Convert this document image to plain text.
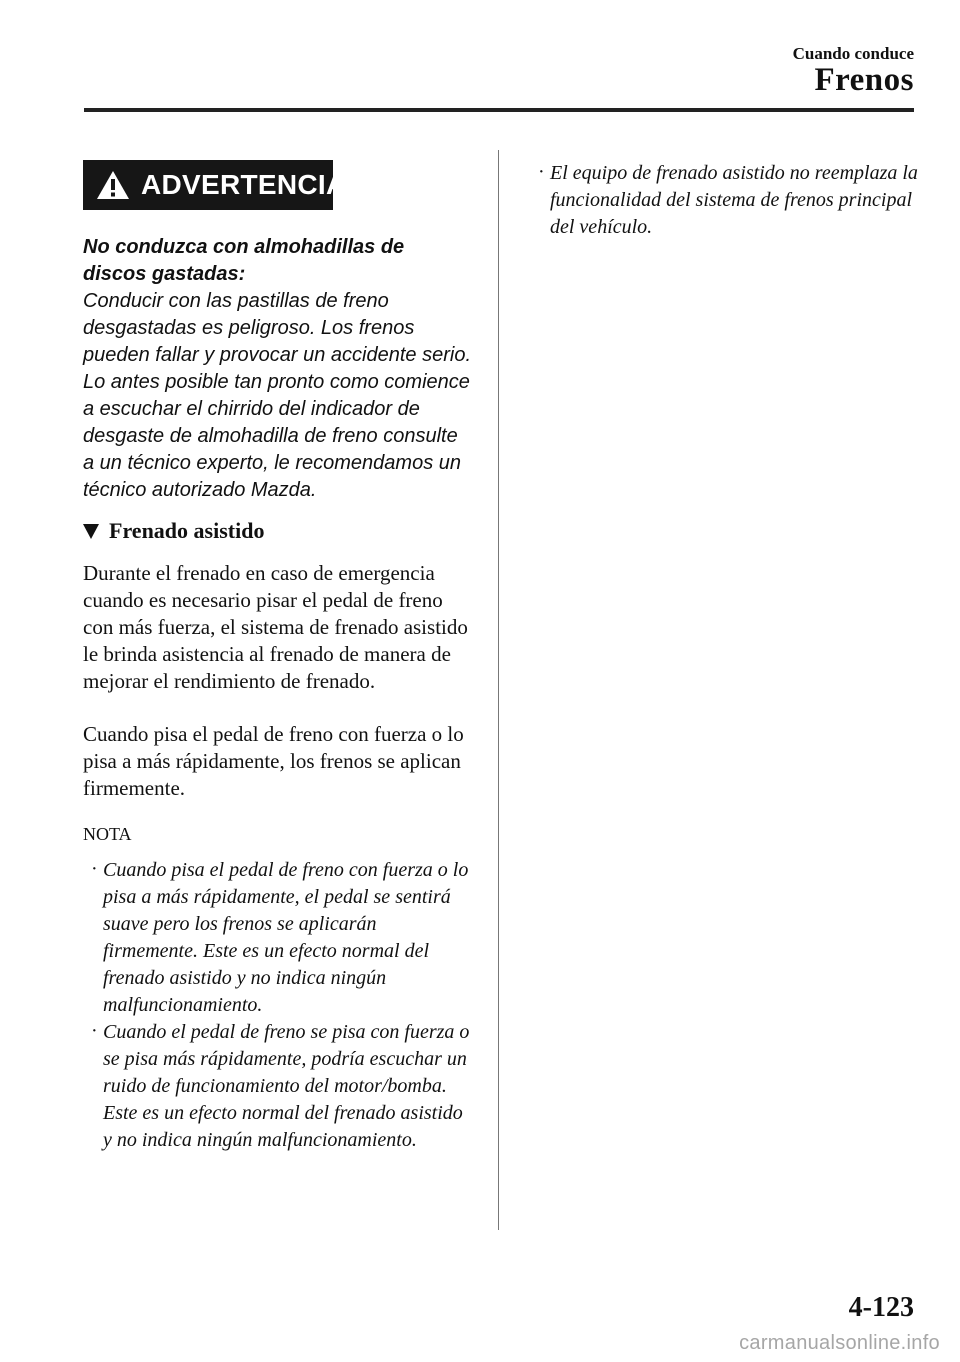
Cuando conduce
Frenos
ADVERTENCIA
No conduzca con almohadillas de discos gastadas:
Conducir con las pastillas de freno desgastadas es peligroso. Los frenos pueden fallar y provocar un accidente serio. Lo antes posible tan pronto como comience a escuchar el chirrido del indicador de desgaste de almohadilla de freno consulte a un técnico experto, le recomendamos un técnico autorizado Mazda.
Frenado asistido
Durante el frenado en caso de emergencia cuando es necesario pisar el pedal de freno con más fuerza, el sistema de frenado asistido le brinda asistencia al frenado de manera de mejorar el rendimiento de frenado.
Cuando pisa el pedal de freno con fuerza o lo pisa a más rápidamente, los frenos se aplican firmemente.
NOTA
· Cuando pisa el pedal de freno con fuerza o lo pisa a más rápidamente, el pedal se sentirá suave pero los frenos se aplicarán firmemente. Este es un efecto normal del frenado asistido y no indica ningún malfuncionamiento.
· Cuando el pedal de freno se pisa con fuerza o se pisa más rápidamente, podría escuchar un ruido de funcionamiento del motor/bomba. Este es un efecto normal del frenado asistido y no indica ningún malfuncionamiento.
· El equipo de frenado asistido no reemplaza la funcionalidad del sistema de frenos principal del vehículo.
4-123
carmanualsonline.info
